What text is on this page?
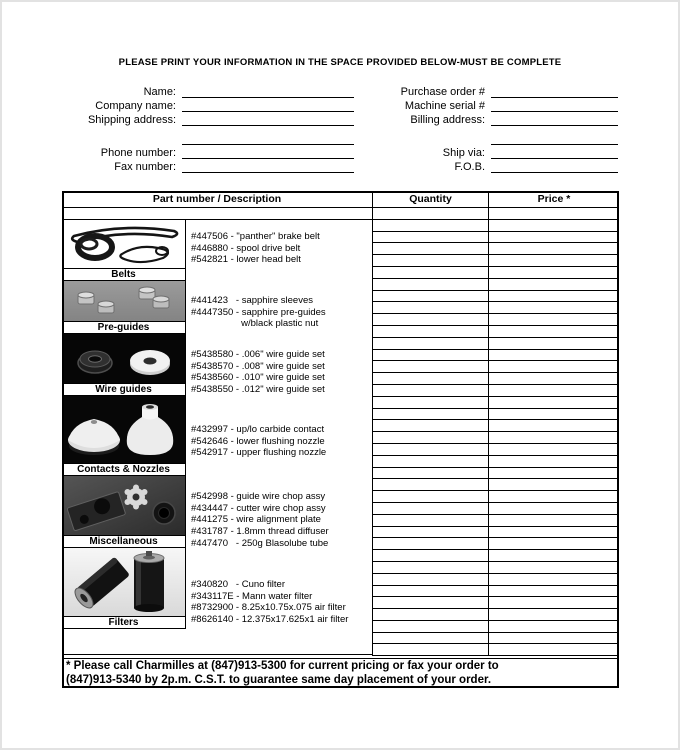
PLEASE PRINT YOUR INFORMATION IN THE SPACE PROVIDED BELOW-MUST BE COMPLETE
Name:
Company name:
Shipping address:
Phone number:
Fax number:
Purchase order #
Machine serial #
Billing address:
Ship via:
F.O.B.
Part number / Description	Quantity	Price *
Belts
Pre-guides
Wire guides
Contacts & Nozzles
Miscellaneous
Filters
#447506 - "panther" brake belt
#446880 - spool drive belt
#542821 - lower head belt
#441423   - sapphire sleeves
#4447350 - sapphire pre-guides
w/black plastic nut
#5438580 - .006" wire guide set
#5438570 - .008" wire guide set
#5438560 - .010" wire guide set
#5438550 - .012" wire guide set
#432997 - up/lo carbide contact
#542646 - lower flushing nozzle
#542917 - upper flushing nozzle
#542998 - guide wire chop assy
#434447 - cutter wire chop assy
#441275 - wire alignment plate
#431787 - 1.8mm thread diffuser
#447470   - 250g Blasolube tube
#340820   - Cuno filter
#343117E - Mann water filter
#8732900 - 8.25x10.75x.075 air filter
#8626140 - 12.375x17.625x1 air filter
* Please call Charmilles at (847)913-5300 for current pricing or fax your order to
(847)913-5340 by 2p.m. C.S.T. to guarantee same day placement of your order.
